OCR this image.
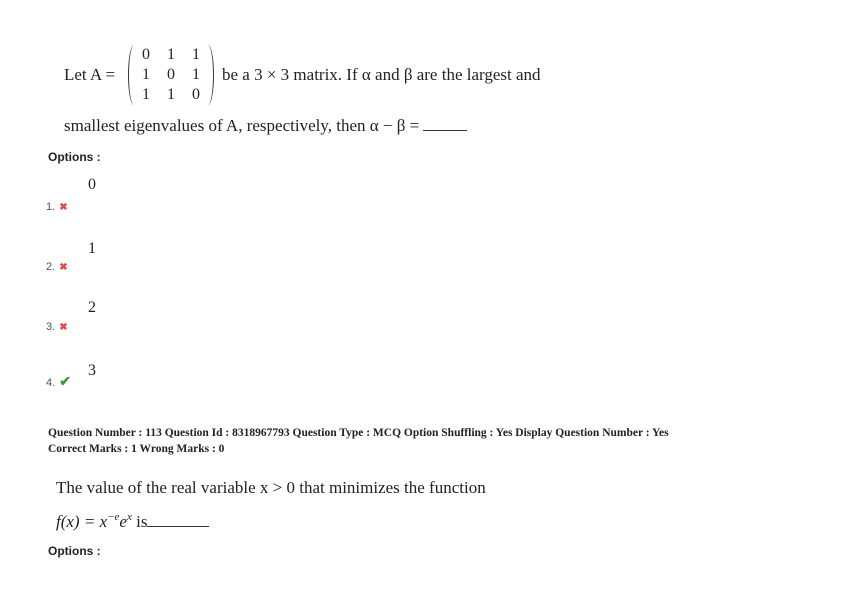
Let A =
0	1	1
1	0	1
1	1	0
be a 3 × 3 matrix. If α and β are the largest and
smallest eigenvalues of A, respectively, then α − β =
Options :
1. ✖
0
2. ✖
1
3. ✖
2
4. ✔
3
Question Number : 113 Question Id : 8318967793 Question Type : MCQ Option Shuffling : Yes Display Question Number : Yes
Correct Marks : 1 Wrong Marks : 0
The value of the real variable x > 0 that minimizes the function
$f(x) = x^{-e}e^x$ is
Options :
